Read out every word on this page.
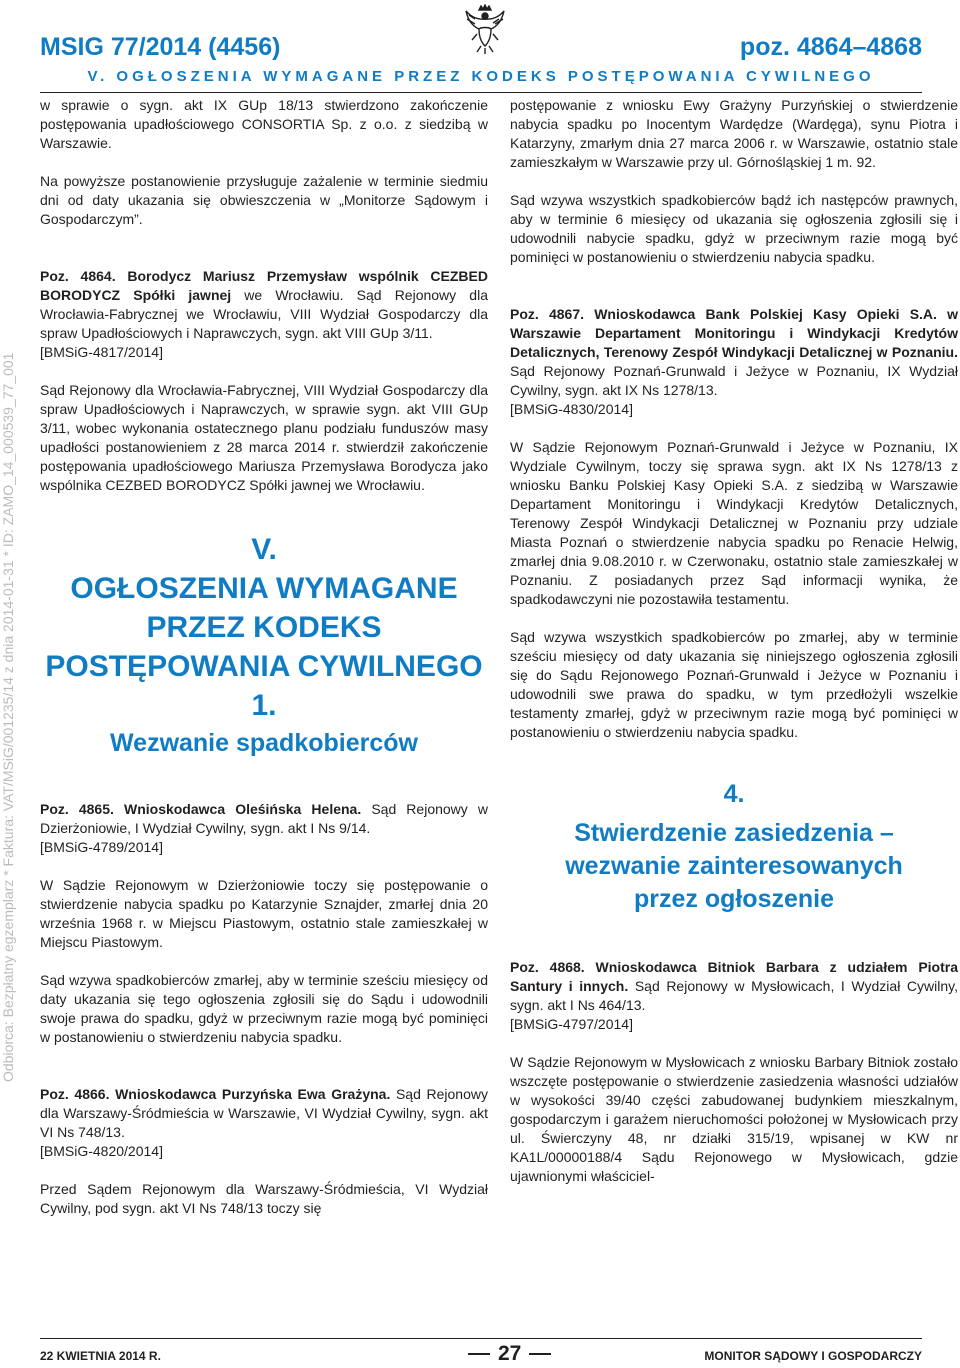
MSIG 77/2014 (4456)	poz. 4864–4868
V. OGŁOSZENIA WYMAGANE PRZEZ KODEKS POSTĘPOWANIA CYWILNEGO
Odbiorca: Bezpłatny egzemplarz * Faktura: VAT/MSiG/001235/14 z dnia 2014-01-31 * ID: ZAMO_14_000539_77_001

w sprawie o sygn. akt IX GUp 18/13 stwierdzono zakończenie postępowania upadłościowego CONSORTIA Sp. z o.o. z siedzibą w Warszawie.

Na powyższe postanowienie przysługuje zażalenie w terminie siedmiu dni od daty ukazania się obwieszczenia w „Monitorze Sądowym i Gospodarczym”.

Poz. 4864. Borodycz Mariusz Przemysław wspólnik CEZBED BORODYCZ Spółki jawnej we Wrocławiu. Sąd Rejonowy dla Wrocławia-Fabrycznej we Wrocławiu, VIII Wydział Gospodarczy dla spraw Upadłościowych i Naprawczych, sygn. akt VIII GUp 3/11.

[BMSiG-4817/2014]

Sąd Rejonowy dla Wrocławia-Fabrycznej, VIII Wydział Gospodarczy dla spraw Upadłościowych i Naprawczych, w sprawie sygn. akt VIII GUp 3/11, wobec wykonania ostatecznego planu podziału funduszów masy upadłości postanowieniem z 28 marca 2014 r. stwierdził zakończenie postępowania upadłościowego Mariusza Przemysława Borodycza jako wspólnika CEZBED BORODYCZ Spółki jawnej we Wrocławiu.

V.
OGŁOSZENIA WYMAGANE
PRZEZ KODEKS
POSTĘPOWANIA CYWILNEGO
1.
Wezwanie spadkobierców

Poz. 4865. Wnioskodawca Oleśińska Helena. Sąd Rejonowy w Dzierżoniowie, I Wydział Cywilny, sygn. akt I Ns 9/14.

[BMSiG-4789/2014]

W Sądzie Rejonowym w Dzierżoniowie toczy się postępowanie o stwierdzenie nabycia spadku po Katarzynie Sznajder, zmarłej dnia 20 września 1968 r. w Miejscu Piastowym, ostatnio stale zamieszkałej w Miejscu Piastowym.

Sąd wzywa spadkobierców zmarłej, aby w terminie sześciu miesięcy od daty ukazania się tego ogłoszenia zgłosili się do Sądu i udowodnili swoje prawa do spadku, gdyż w przeciwnym razie mogą być pominięci w postanowieniu o stwierdzeniu nabycia spadku.

Poz. 4866. Wnioskodawca Purzyńska Ewa Grażyna. Sąd Rejonowy dla Warszawy-Śródmieścia w Warszawie, VI Wydział Cywilny, sygn. akt VI Ns 748/13.

[BMSiG-4820/2014]

Przed Sądem Rejonowym dla Warszawy-Śródmieścia, VI Wydział Cywilny, pod sygn. akt VI Ns 748/13 toczy się

postępowanie z wniosku Ewy Grażyny Purzyńskiej o stwierdzenie nabycia spadku po Inocentym Wardędze (Wardęga), synu Piotra i Katarzyny, zmarłym dnia 27 marca 2006 r. w Warszawie, ostatnio stale zamieszkałym w Warszawie przy ul. Górnośląskiej 1 m. 92.

Sąd wzywa wszystkich spadkobierców bądź ich następców prawnych, aby w terminie 6 miesięcy od ukazania się ogłoszenia zgłosili się i udowodnili nabycie spadku, gdyż w przeciwnym razie mogą być pominięci w postanowieniu o stwierdzeniu nabycia spadku.

Poz. 4867. Wnioskodawca Bank Polskiej Kasy Opieki S.A. w Warszawie Departament Monitoringu i Windykacji Kredytów Detalicznych, Terenowy Zespół Windykacji Detalicznej w Poznaniu. Sąd Rejonowy Poznań-Grunwald i Jeżyce w Poznaniu, IX Wydział Cywilny, sygn. akt IX Ns 1278/13.

[BMSiG-4830/2014]

W Sądzie Rejonowym Poznań-Grunwald i Jeżyce w Poznaniu, IX Wydziale Cywilnym, toczy się sprawa sygn. akt IX Ns 1278/13 z wniosku Banku Polskiej Kasy Opieki S.A. z siedzibą w Warszawie Departament Monitoringu i Windykacji Kredytów Detalicznych, Terenowy Zespół Windykacji Detalicznej w Poznaniu przy udziale Miasta Poznań o stwierdzenie nabycia spadku po Renacie Helwig, zmarłej dnia 9.08.2010 r. w Czerwonaku, ostatnio stale zamieszkałej w Poznaniu. Z posiadanych przez Sąd informacji wynika, że spadkodawczyni nie pozostawiła testamentu.

Sąd wzywa wszystkich spadkobierców po zmarłej, aby w terminie sześciu miesięcy od daty ukazania się niniejszego ogłoszenia zgłosili się do Sądu Rejonowego Poznań-Grunwald i Jeżyce w Poznaniu i udowodnili swe prawa do spadku, w tym przedłożyli wszelkie testamenty zmarłej, gdyż w przeciwnym razie mogą być pominięci w postanowieniu o stwierdzeniu nabycia spadku.

4.
Stwierdzenie zasiedzenia –
wezwanie zainteresowanych
przez ogłoszenie

Poz. 4868. Wnioskodawca Bitniok Barbara z udziałem Piotra Santury i innych. Sąd Rejonowy w Mysłowicach, I Wydział Cywilny, sygn. akt I Ns 464/13.

[BMSiG-4797/2014]

W Sądzie Rejonowym w Mysłowicach z wniosku Barbary Bitniok zostało wszczęte postępowanie o stwierdzenie zasiedzenia własności udziałów w wysokości 39/40 części zabudowanej budynkiem mieszkalnym, gospodarczym i garażem nieruchomości położonej w Mysłowicach przy ul. Świerczyny 48, nr działki 315/19, wpisanej w KW nr KA1L/00000188/4 Sądu Rejonowego w Mysłowicach, gdzie ujawnionymi właściciel-

22 KWIETNIA 2014 R.	27	MONITOR SĄDOWY I GOSPODARCZY
